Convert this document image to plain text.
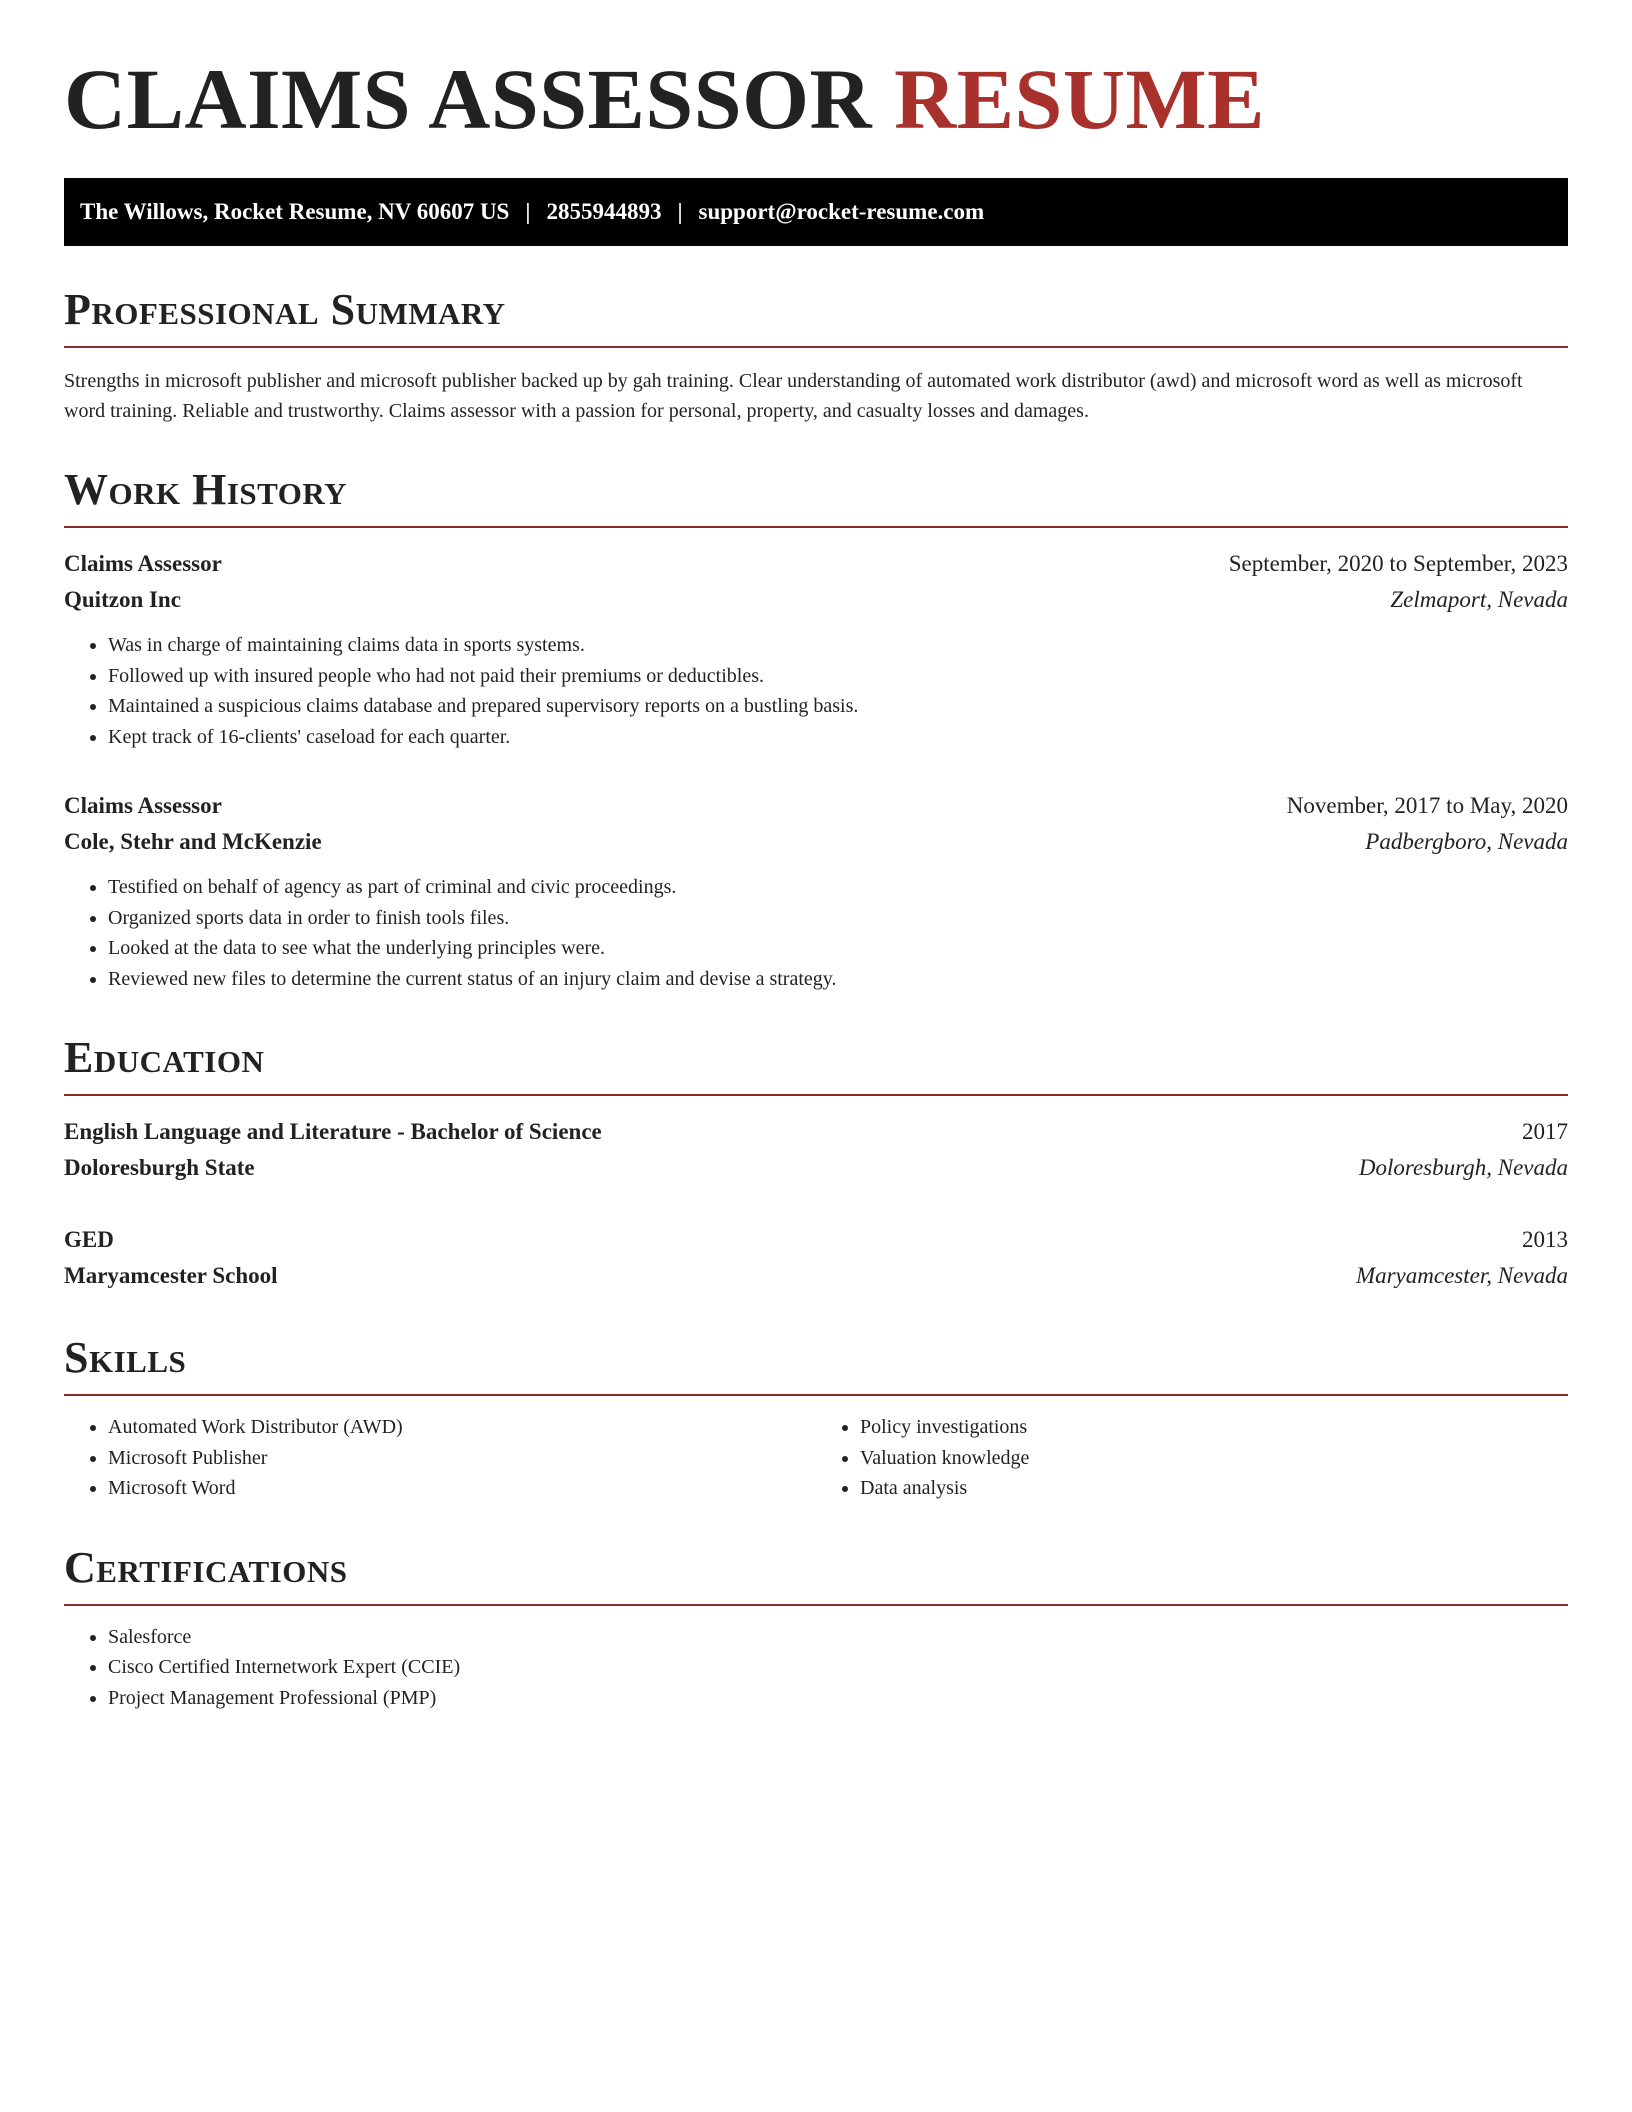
CLAIMS ASSESSOR RESUME
The Willows, Rocket Resume, NV 60607 US | 2855944893 | support@rocket-resume.com
Professional Summary

Strengths in microsoft publisher and microsoft publisher backed up by gah training. Clear understanding of automated work distributor (awd) and microsoft word as well as microsoft word training. Reliable and trustworthy. Claims assessor with a passion for personal, property, and casualty losses and damages.

Work History
Claims Assessor	September, 2020 to September, 2023
Quitzon Inc	Zelmaport, Nevada
• Was in charge of maintaining claims data in sports systems.
• Followed up with insured people who had not paid their premiums or deductibles.
• Maintained a suspicious claims database and prepared supervisory reports on a bustling basis.
• Kept track of 16-clients' caseload for each quarter.
Claims Assessor	November, 2017 to May, 2020
Cole, Stehr and McKenzie	Padbergboro, Nevada
• Testified on behalf of agency as part of criminal and civic proceedings.
• Organized sports data in order to finish tools files.
• Looked at the data to see what the underlying principles were.
• Reviewed new files to determine the current status of an injury claim and devise a strategy.
Education
English Language and Literature - Bachelor of Science	2017
Doloresburgh State	Doloresburgh, Nevada
GED	2013
Maryamcester School	Maryamcester, Nevada
Skills
• Automated Work Distributor (AWD)
• Microsoft Publisher
• Microsoft Word
• Policy investigations
• Valuation knowledge
• Data analysis
Certifications
• Salesforce
• Cisco Certified Internetwork Expert (CCIE)
• Project Management Professional (PMP)
